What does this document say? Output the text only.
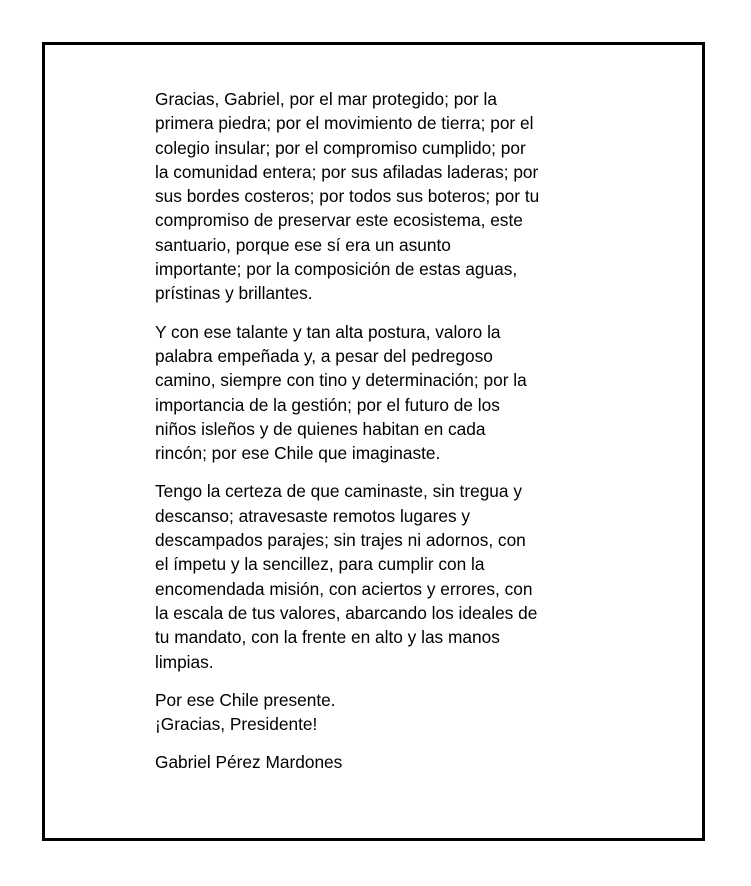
Gracias, Gabriel, por el mar protegido; por la
primera piedra; por el movimiento de tierra; por el
colegio insular; por el compromiso cumplido; por
la comunidad entera; por sus afiladas laderas; por
sus bordes costeros; por todos sus boteros; por tu
compromiso de preservar este ecosistema, este
santuario, porque ese sí era un asunto
importante; por la composición de estas aguas,
prístinas y brillantes.

Y con ese talante y tan alta postura, valoro la
palabra empeñada y, a pesar del pedregoso
camino, siempre con tino y determinación; por la
importancia de la gestión; por el futuro de los
niños isleños y de quienes habitan en cada
rincón; por ese Chile que imaginaste.

Tengo la certeza de que caminaste, sin tregua y
descanso; atravesaste remotos lugares y
descampados parajes; sin trajes ni adornos, con
el ímpetu y la sencillez, para cumplir con la
encomendada misión, con aciertos y errores, con
la escala de tus valores, abarcando los ideales de
tu mandato, con la frente en alto y las manos
limpias.

Por ese Chile presente.
¡Gracias, Presidente!

Gabriel Pérez Mardones
